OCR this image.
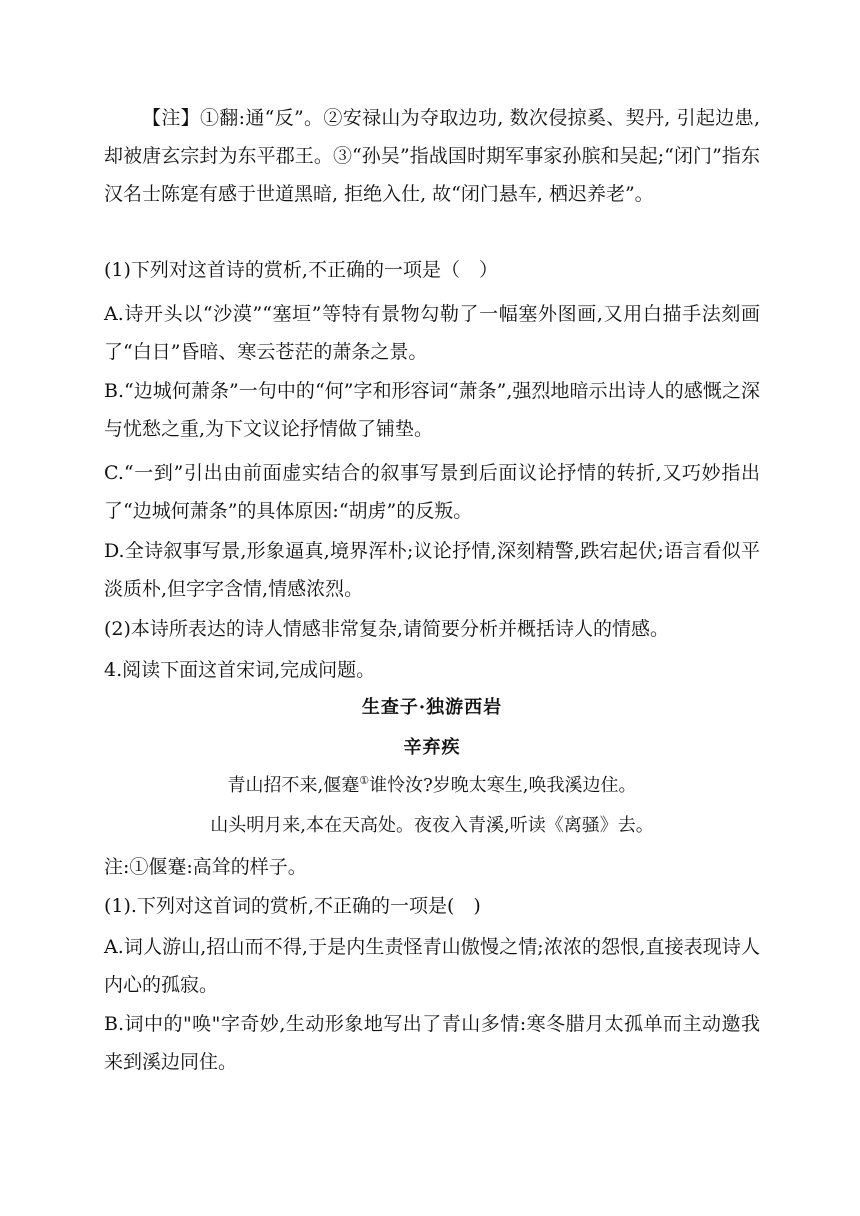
【注】①翻:通“反”。②安禄山为夺取边功, 数次侵掠奚、契丹, 引起边患, 却被唐玄宗封为东平郡王。③“孙吴”指战国时期军事家孙膑和吴起;“闭门”指东汉名士陈寔有感于世道黑暗, 拒绝入仕, 故“闭门悬车, 栖迟养老”。

(1)下列对这首诗的赏析,不正确的一项是（　）

A.诗开头以“沙漠”“塞垣”等特有景物勾勒了一幅塞外图画,又用白描手法刻画了“白日”昏暗、寒云苍茫的萧条之景。

B.“边城何萧条”一句中的“何”字和形容词“萧条”,强烈地暗示出诗人的感慨之深与忧愁之重,为下文议论抒情做了铺垫。

C.“一到”引出由前面虚实结合的叙事写景到后面议论抒情的转折,又巧妙指出了“边城何萧条”的具体原因:“胡虏”的反叛。

D.全诗叙事写景,形象逼真,境界浑朴;议论抒情,深刻精警,跌宕起伏;语言看似平淡质朴,但字字含情,情感浓烈。

(2)本诗所表达的诗人情感非常复杂,请简要分析并概括诗人的情感。

4.阅读下面这首宋词,完成问题。

生查子·独游西岩

辛弃疾

青山招不来,偃蹇①谁怜汝?岁晚太寒生,唤我溪边住。

山头明月来,本在天高处。夜夜入青溪,听读《离骚》去。

注:①偃蹇:高耸的样子。

(1).下列对这首词的赏析,不正确的一项是(　)

A.词人游山,招山而不得,于是内生责怪青山傲慢之情;浓浓的怨恨,直接表现诗人内心的孤寂。

B.词中的"唤"字奇妙,生动形象地写出了青山多情:寒冬腊月太孤单而主动邀我来到溪边同住。
